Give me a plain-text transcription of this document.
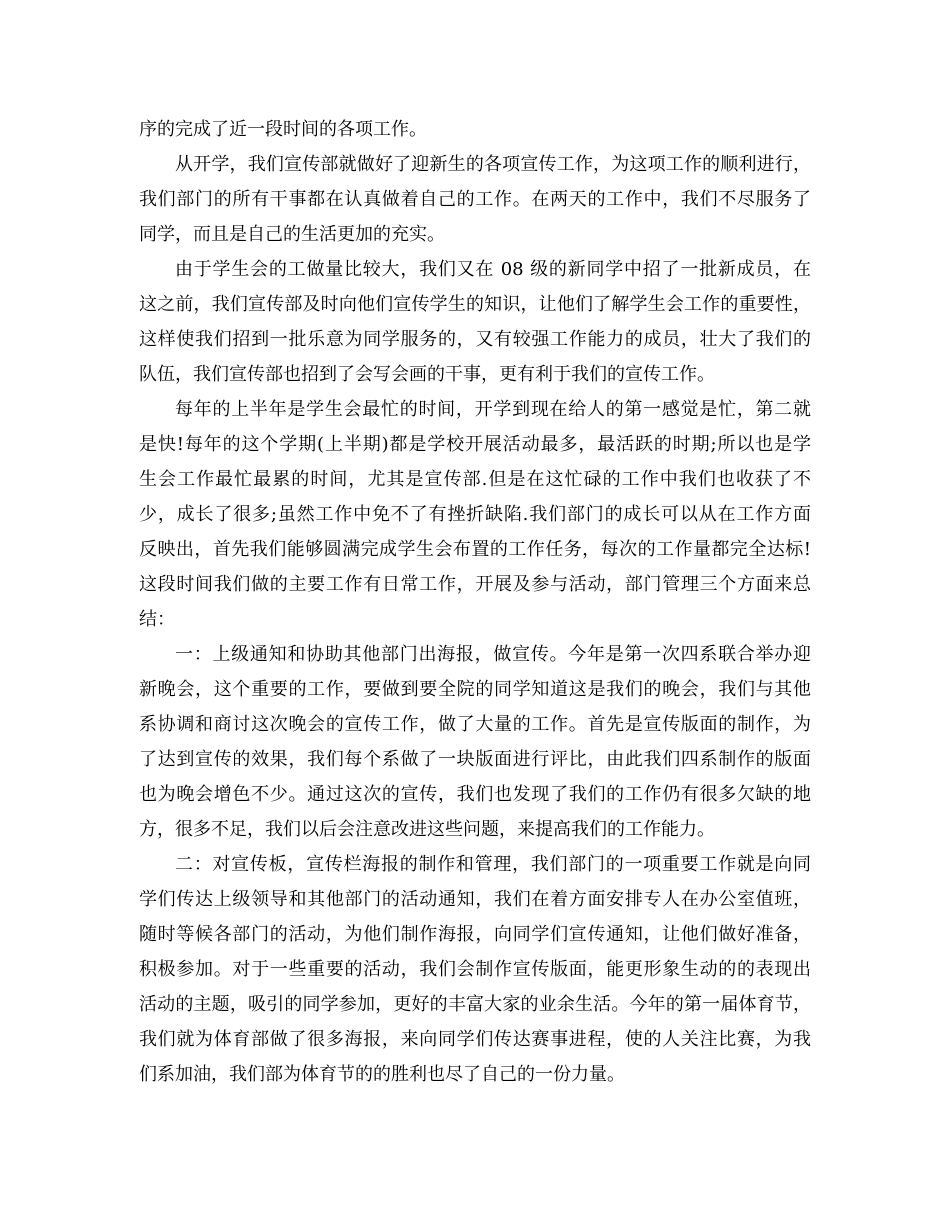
序的完成了近一段时间的各项工作。
从开学，我们宣传部就做好了迎新生的各项宣传工作，为这项工作的顺利进行，
我们部门的所有干事都在认真做着自己的工作。在两天的工作中，我们不尽服务了
同学，而且是自己的生活更加的充实。
由于学生会的工做量比较大，我们又在 08 级的新同学中招了一批新成员，在
这之前，我们宣传部及时向他们宣传学生的知识，让他们了解学生会工作的重要性，
这样使我们招到一批乐意为同学服务的，又有较强工作能力的成员，壮大了我们的
队伍，我们宣传部也招到了会写会画的干事，更有利于我们的宣传工作。
每年的上半年是学生会最忙的时间，开学到现在给人的第一感觉是忙，第二就
是快!每年的这个学期(上半期)都是学校开展活动最多，最活跃的时期;所以也是学
生会工作最忙最累的时间，尤其是宣传部.但是在这忙碌的工作中我们也收获了不
少，成长了很多;虽然工作中免不了有挫折缺陷.我们部门的成长可以从在工作方面
反映出，首先我们能够圆满完成学生会布置的工作任务，每次的工作量都完全达标!
这段时间我们做的主要工作有日常工作，开展及参与活动，部门管理三个方面来总
结：
一：上级通知和协助其他部门出海报，做宣传。今年是第一次四系联合举办迎
新晚会，这个重要的工作，要做到要全院的同学知道这是我们的晚会，我们与其他
系协调和商讨这次晚会的宣传工作，做了大量的工作。首先是宣传版面的制作，为
了达到宣传的效果，我们每个系做了一块版面进行评比，由此我们四系制作的版面
也为晚会增色不少。通过这次的宣传，我们也发现了我们的工作仍有很多欠缺的地
方，很多不足，我们以后会注意改进这些问题，来提高我们的工作能力。
二：对宣传板，宣传栏海报的制作和管理，我们部门的一项重要工作就是向同
学们传达上级领导和其他部门的活动通知，我们在着方面安排专人在办公室值班，
随时等候各部门的活动，为他们制作海报，向同学们宣传通知，让他们做好准备，
积极参加。对于一些重要的活动，我们会制作宣传版面，能更形象生动的的表现出
活动的主题，吸引的同学参加，更好的丰富大家的业余生活。今年的第一届体育节，
我们就为体育部做了很多海报，来向同学们传达赛事进程，使的人关注比赛，为我
们系加油，我们部为体育节的的胜利也尽了自己的一份力量。
